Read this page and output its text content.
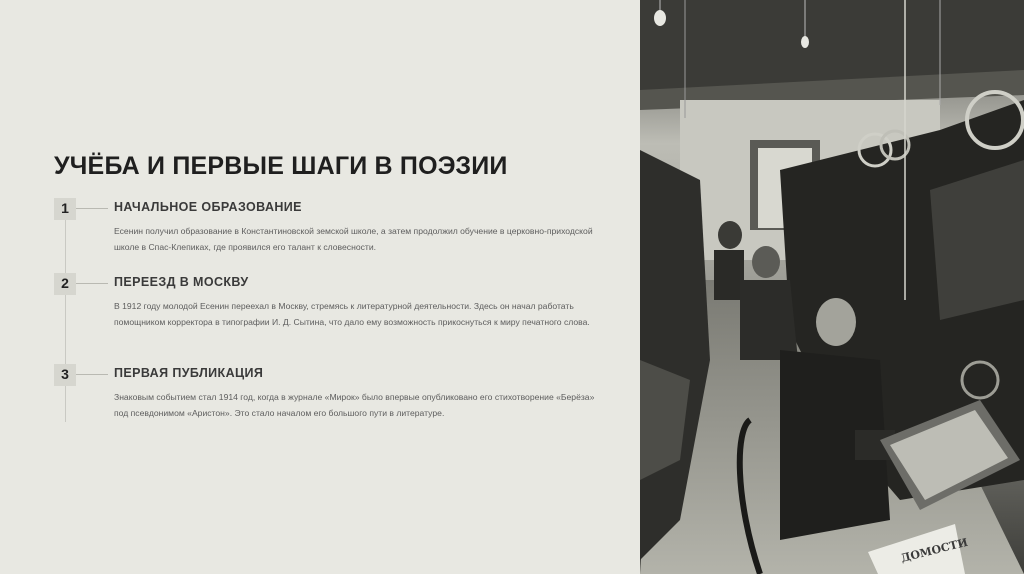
УЧЁБА И ПЕРВЫЕ ШАГИ В ПОЭЗИИ
1	НАЧАЛЬНОЕ ОБРАЗОВАНИЕ
Есенин получил образование в Константиновской земской школе, а затем продолжил обучение в церковно-приходской школе в Спас-Клепиках, где проявился его талант к словесности.
2	ПЕРЕЕЗД В МОСКВУ
В 1912 году молодой Есенин переехал в Москву, стремясь к литературной деятельности. Здесь он начал работать помощником корректора в типографии И. Д. Сытина, что дало ему возможность прикоснуться к миру печатного слова.
3	ПЕРВАЯ ПУБЛИКАЦИЯ
Знаковым событием стал 1914 год, когда в журнале «Мирок» было впервые опубликовано его стихотворение «Берёза» под псевдонимом «Аристон». Это стало началом его большого пути в литературе.
ДОМОСТИ
